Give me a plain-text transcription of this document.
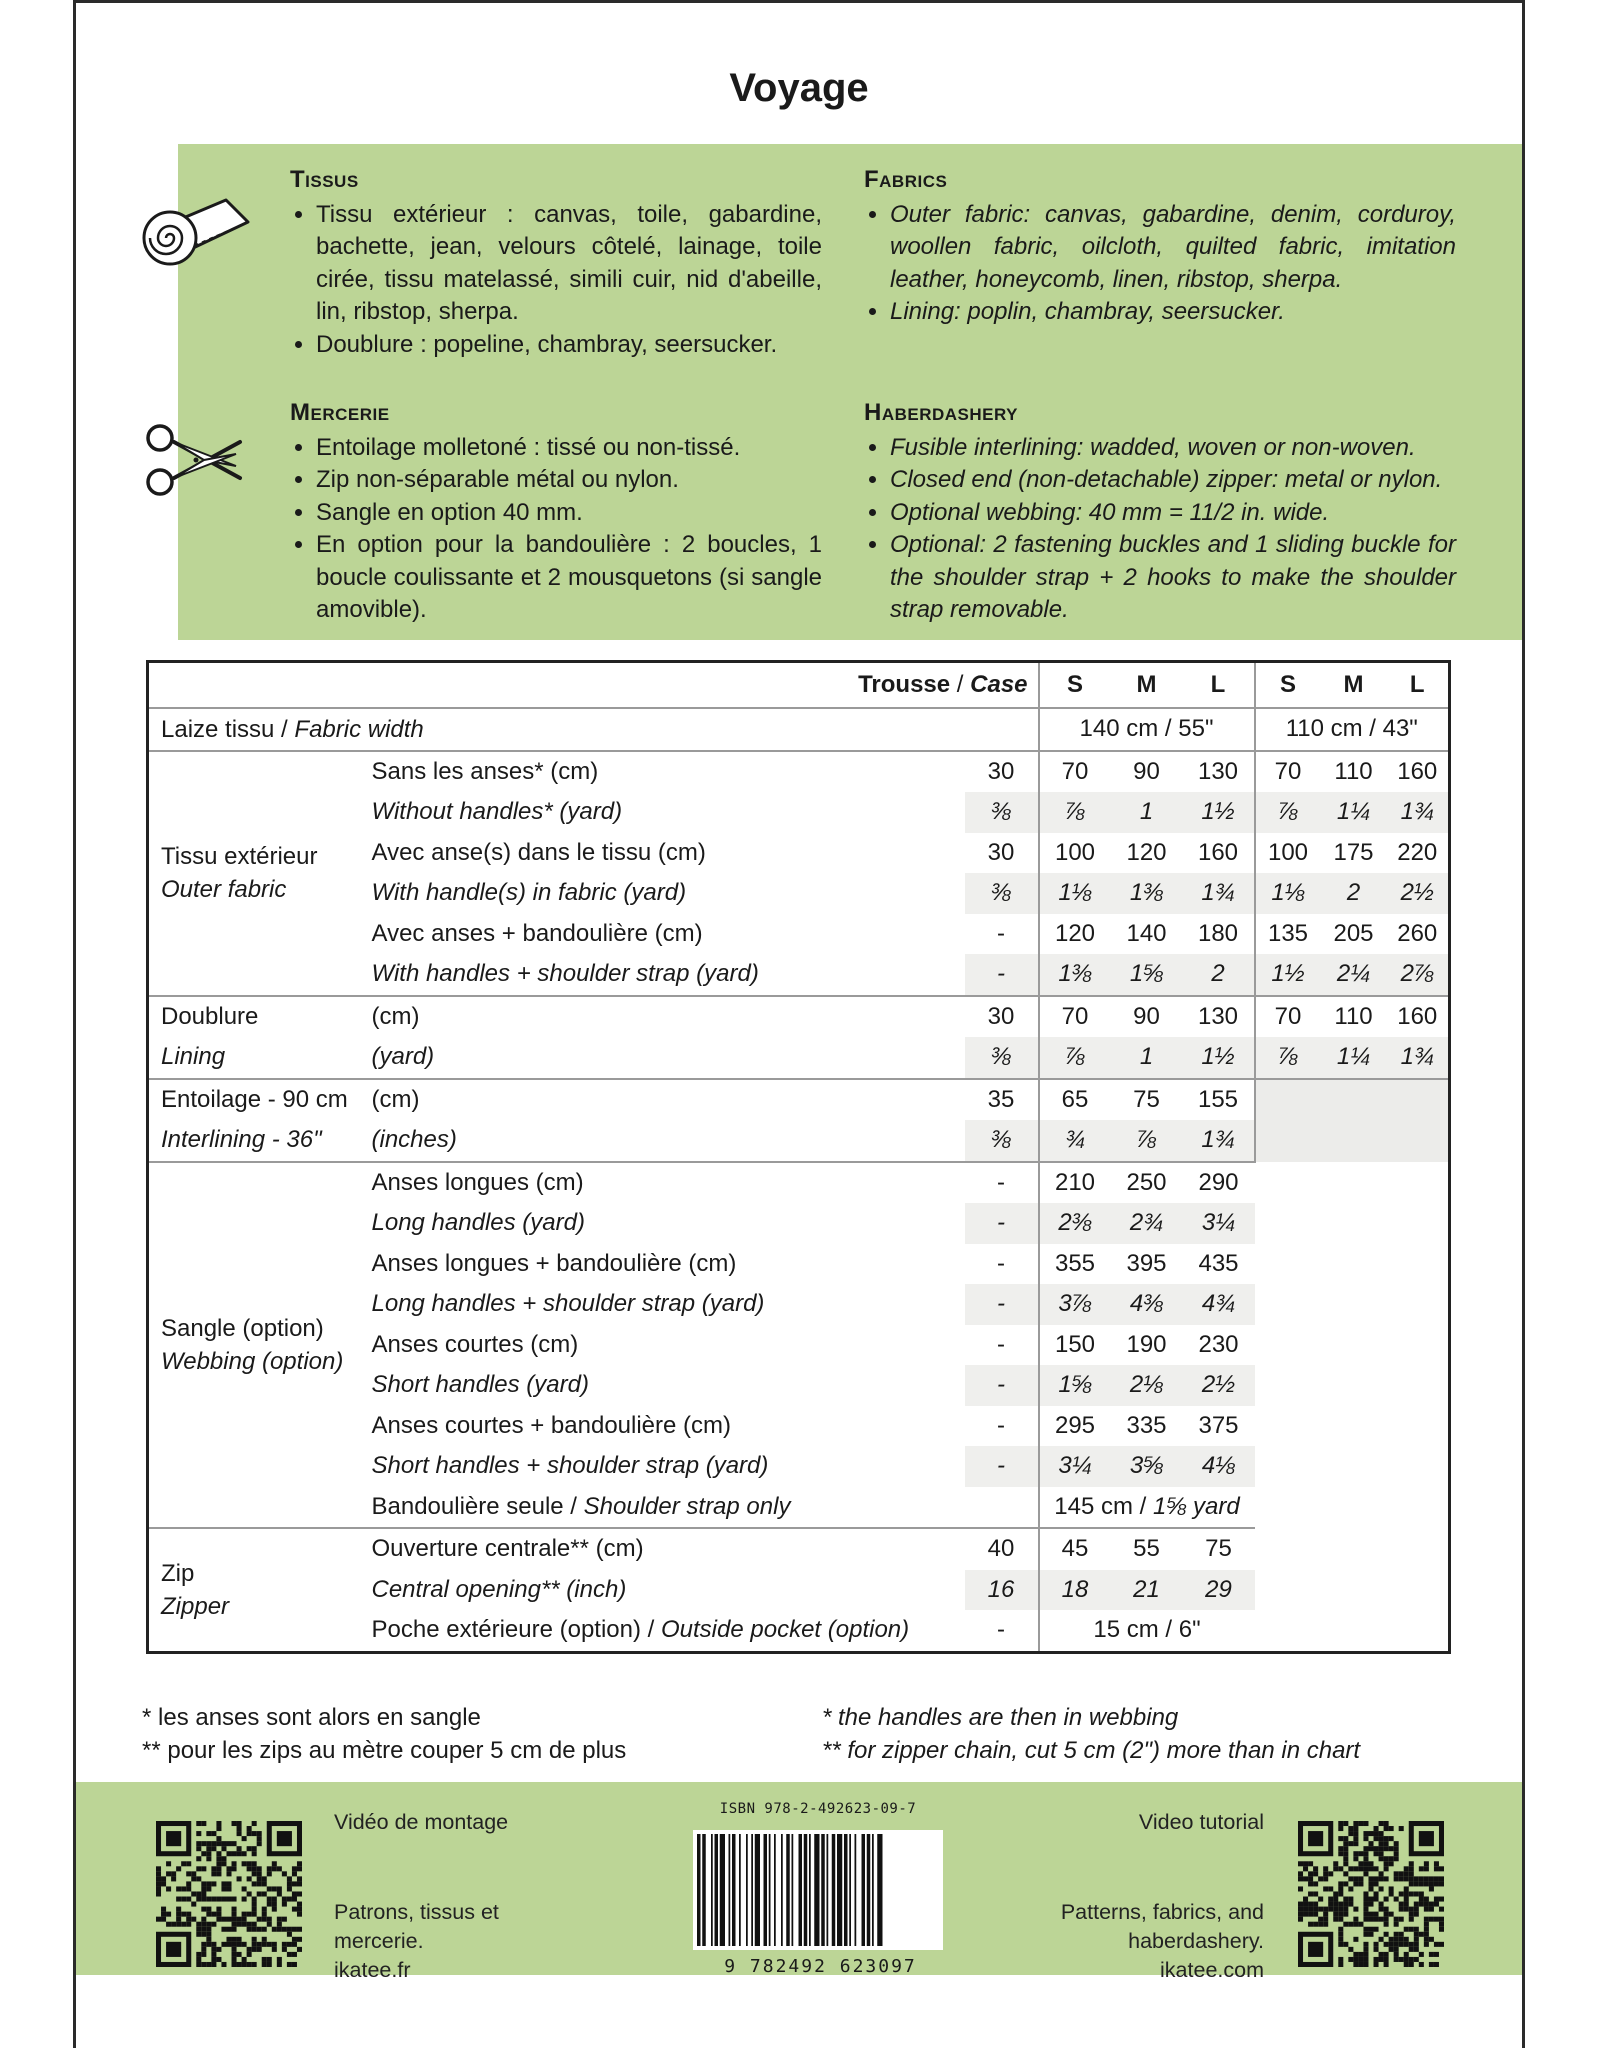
Voyage
Tissus
• Tissu extérieur : canvas, toile, gabardine, bachette, jean, velours côtelé, lainage, toile cirée, tissu matelassé, simili cuir, nid d'abeille, lin, ribstop, sherpa.
• Doublure : popeline, chambray, seersucker.
Fabrics
• Outer fabric: canvas, gabardine, denim, corduroy, woollen fabric, oilcloth, quilted fabric, imitation leather, honeycomb, linen, ribstop, sherpa.
• Lining: poplin, chambray, seersucker.
Mercerie
• Entoilage molletoné : tissé ou non-tissé.
• Zip non-séparable métal ou nylon.
• Sangle en option 40 mm.
• En option pour la bandoulière : 2 boucles, 1 boucle coulissante et 2 mousquetons (si sangle amovible).
Haberdashery
• Fusible interlining: wadded, woven or non-woven.
• Closed end (non-detachable) zipper: metal or nylon.
• Optional webbing: 40 mm = 11/2 in. wide.
• Optional: 2 fastening buckles and 1 sliding buckle for the shoulder strap + 2 hooks to make the shoulder strap removable.
Trousse / Case			S	M	L	S	M	L
Laize tissu / Fabric width			140 cm / 55"			110 cm / 43"		

Tissu extérieur
Outer fabric	Sans les anses* (cm)	30	70	90	130	70	110	160
	Without handles* (yard)	⅜	⅞	1	1½	⅞	1¼	1¾
	Avec anse(s) dans le tissu (cm)	30	100	120	160	100	175	220
	With handle(s) in fabric (yard)	⅜	1⅛	1⅜	1¾	1⅛	2	2½
	Avec anses + bandoulière (cm)	-	120	140	180	135	205	260
	With handles + shoulder strap (yard)	-	1⅜	1⅝	2	1½	2¼	2⅞

Doublure
Lining	(cm)	30	70	90	130	70	110	160
	(yard)	⅜	⅞	1	1½	⅞	1¼	1¾

Entoilage - 90 cm
Interlining - 36"	(cm)	35	65	75	155			
	(inches)	⅜	¾	⅞	1¾			

Sangle (option)
Webbing (option)	Anses longues (cm)	-	210	250	290			
	Long handles (yard)	-	2⅜	2¾	3¼			
	Anses longues + bandoulière (cm)	-	355	395	435			
	Long handles + shoulder strap (yard)	-	3⅞	4⅜	4¾			
	Anses courtes (cm)	-	150	190	230			
	Short handles (yard)	-	1⅝	2⅛	2½			
	Anses courtes + bandoulière (cm)	-	295	335	375			
	Short handles + shoulder strap (yard)	-	3¼	3⅝	4⅛			
	Bandoulière seule / Shoulder strap only		145 cm / 1⅝ yard					

Zip
Zipper	Ouverture centrale** (cm)	40	45	55	75			
	Central opening** (inch)	16	18	21	29			
	Poche extérieure (option) / Outside pocket (option)	-	15 cm / 6"					
* les anses sont alors en sangle
** pour les zips au mètre couper 5 cm de plus
* the handles are then in webbing
** for zipper chain, cut 5 cm (2") more than in chart
Vidéo de montage
Patrons, tissus et
mercerie.
ikatee.fr
ISBN 978-2-492623-09-7
9 782492 623097
Video tutorial
Patterns, fabrics, and
haberdashery.
ikatee.com
